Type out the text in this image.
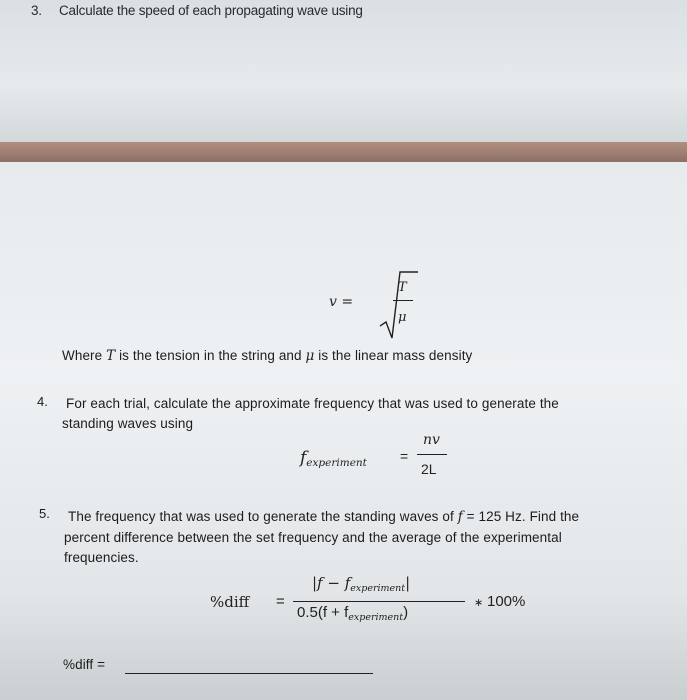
3. Calculate the speed of each propagating wave using
v =
T
μ
Where T is the tension in the string and μ is the linear mass density
4. For each trial, calculate the approximate frequency that was used to generate the
standing waves using
fexperiment =
nv
2L
5. The frequency that was used to generate the standing waves of f = 125 Hz. Find the
percent difference between the set frequency and the average of the experimental
frequencies.
%diff =
|f − fexperiment|
0.5(f + fexperiment)
∗ 100%
%diff =
